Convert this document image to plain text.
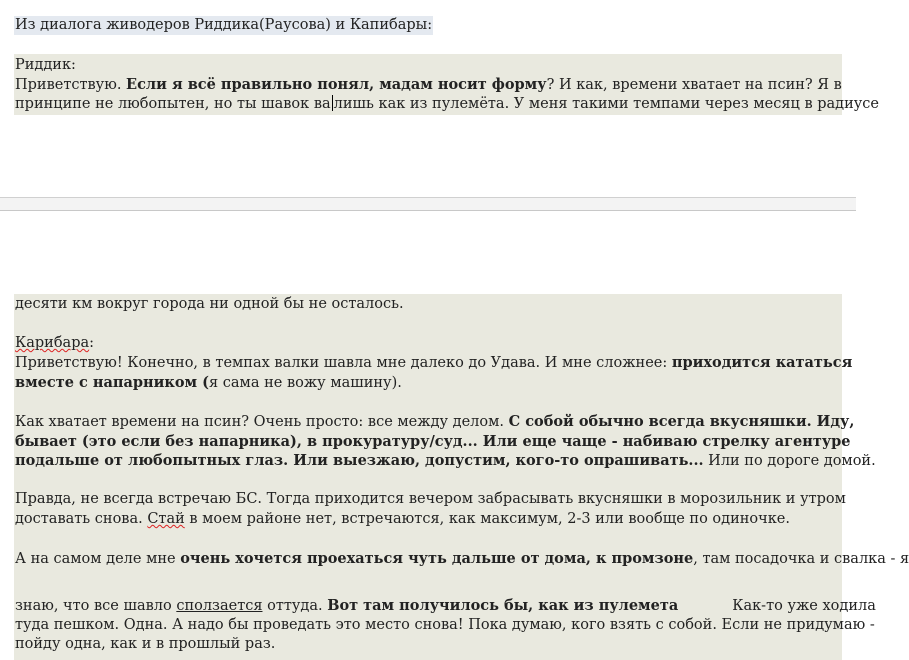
Из диалога живодеров Риддика(Раусова) и Капибары:
Риддик:
Приветствую. Если я всё правильно понял, мадам носит форму? И как, времени хватает на псин? Я в
принципе не любопытен, но ты шавок ва лишь как из пулемёта. У меня такими темпами через месяц в радиусе
десяти км вокруг города ни одной бы не осталось.
Карибара:
Приветствую! Конечно, в темпах валки шавла мне далеко до Удава. И мне сложнее: приходится кататься
вместе с напарником (я сама не вожу машину).
Как хватает времени на псин? Очень просто: все между делом. С собой обычно всегда вкусняшки. Иду,
бывает (это если без напарника), в прокуратуру/суд... Или еще чаще - набиваю стрелку агентуре
подальше от любопытных глаз. Или выезжаю, допустим, кого-то опрашивать... Или по дороге домой.
Правда, не всегда встречаю БС. Тогда приходится вечером забрасывать вкусняшки в морозильник и утром
доставать снова. Стай в моем районе нет, встречаются, как максимум, 2-3 или вообще по одиночке.
А на самом деле мне очень хочется проехаться чуть дальше от дома, к промзоне, там посадочка и свалка - я
знаю, что все шавло сползается оттуда. Вот там получилось бы, как из пулемета	Как-то уже ходила
туда пешком. Одна. А надо бы проведать это место снова! Пока думаю, кого взять с собой. Если не придумаю -
пойду одна, как и в прошлый раз.
